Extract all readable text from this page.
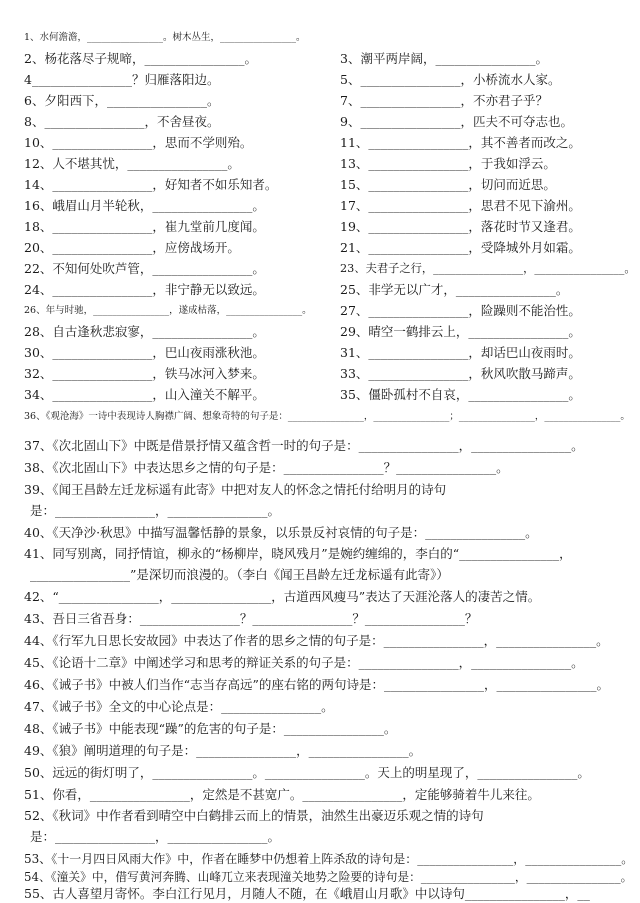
1、水何澹澹，________________。树木丛生，________________。
2、杨花落尽子规啼，________________。	3、潮平两岸阔，________________。
4________________？归雁落阳边。	5、________________，小桥流水人家。
6、夕阳西下，________________。	7、________________，不亦君子乎？
8、________________，不舍昼夜。	9、________________，匹夫不可夺志也。
10、________________，思而不学则殆。	11、________________，其不善者而改之。
12、人不堪其忧，________________。	13、________________，于我如浮云。
14、________________，好知者不如乐知者。	15、________________，切问而近思。
16、峨眉山月半轮秋，________________。	17、________________，思君不见下渝州。
18、________________，崔九堂前几度闻。	19、________________，落花时节又逢君。
20、________________，应傍战场开。	21、________________，受降城外月如霜。
22、不知何处吹芦管，________________。	23、夫君子之行，________________，________________。
24、________________，非宁静无以致远。	25、非学无以广才，________________。
26、年与时驰，________________，遂成枯落，________________。 27、________________，险躁则不能治性。
28、自古逢秋悲寂寥，________________。	29、晴空一鹤排云上，________________。
30、________________，巴山夜雨涨秋池。	31、________________，却话巴山夜雨时。
32、________________，铁马冰河入梦来。	33、________________，秋风吹散马蹄声。
34、________________，山入潼关不解平。	35、僵卧孤村不自哀，________________。
36、《观沧海》一诗中表现诗人胸襟广阔、想象奇特的句子是：________________，________________；________________，________________。
37、《次北固山下》中既是借景抒情又蕴含哲一时的句子是：________________，________________。
38、《次北固山下》中表达思乡之情的句子是：________________？________________。
39、《闻王昌龄左迁龙标遥有此寄》中把对友人的怀念之情托付给明月的诗句
是：________________，________________。
40、《天净沙·秋思》中描写温馨恬静的景象，以乐景反衬哀情的句子是：________________。
41、同写别离，同抒情谊，柳永的“杨柳岸，晓风残月”是婉约缠绵的，李白的“________________，
________________”是深切而浪漫的。（李白《闻王昌龄左迁龙标遥有此寄》）
42、“________________，________________，古道西风瘦马”表达了天涯沦落人的凄苦之情。
43、吾日三省吾身：________________？________________？________________？
44、《行军九日思长安故园》中表达了作者的思乡之情的句子是：________________，________________。
45、《论语十二章》中阐述学习和思考的辩证关系的句子是：________________，________________。
46、《诫子书》中被人们当作“志当存高远”的座右铭的两句诗是：________________，________________。
47、《诫子书》全文的中心论点是：________________。
48、《诫子书》中能表现“躁”的危害的句子是：________________。
49、《狼》阐明道理的句子是：________________，________________。
50、远远的街灯明了，________________。________________。天上的明星现了，________________。
51、你看，________________，定然是不甚宽广。________________，定能够骑着牛儿来往。
52、《秋词》中作者看到晴空中白鹤排云而上的情景，油然生出豪迈乐观之情的诗句
是：________________，________________。
53、《十一月四日风雨大作》中，作者在睡梦中仍想着上阵杀敌的诗句是：________________，________________。
54、《潼关》中，借写黄河奔腾、山峰兀立来表现潼关地势之险要的诗句是：________________，________________。
55、古人喜望月寄怀。李白江行见月，月随人不随，在《峨眉山月歌》中以诗句________________，__
